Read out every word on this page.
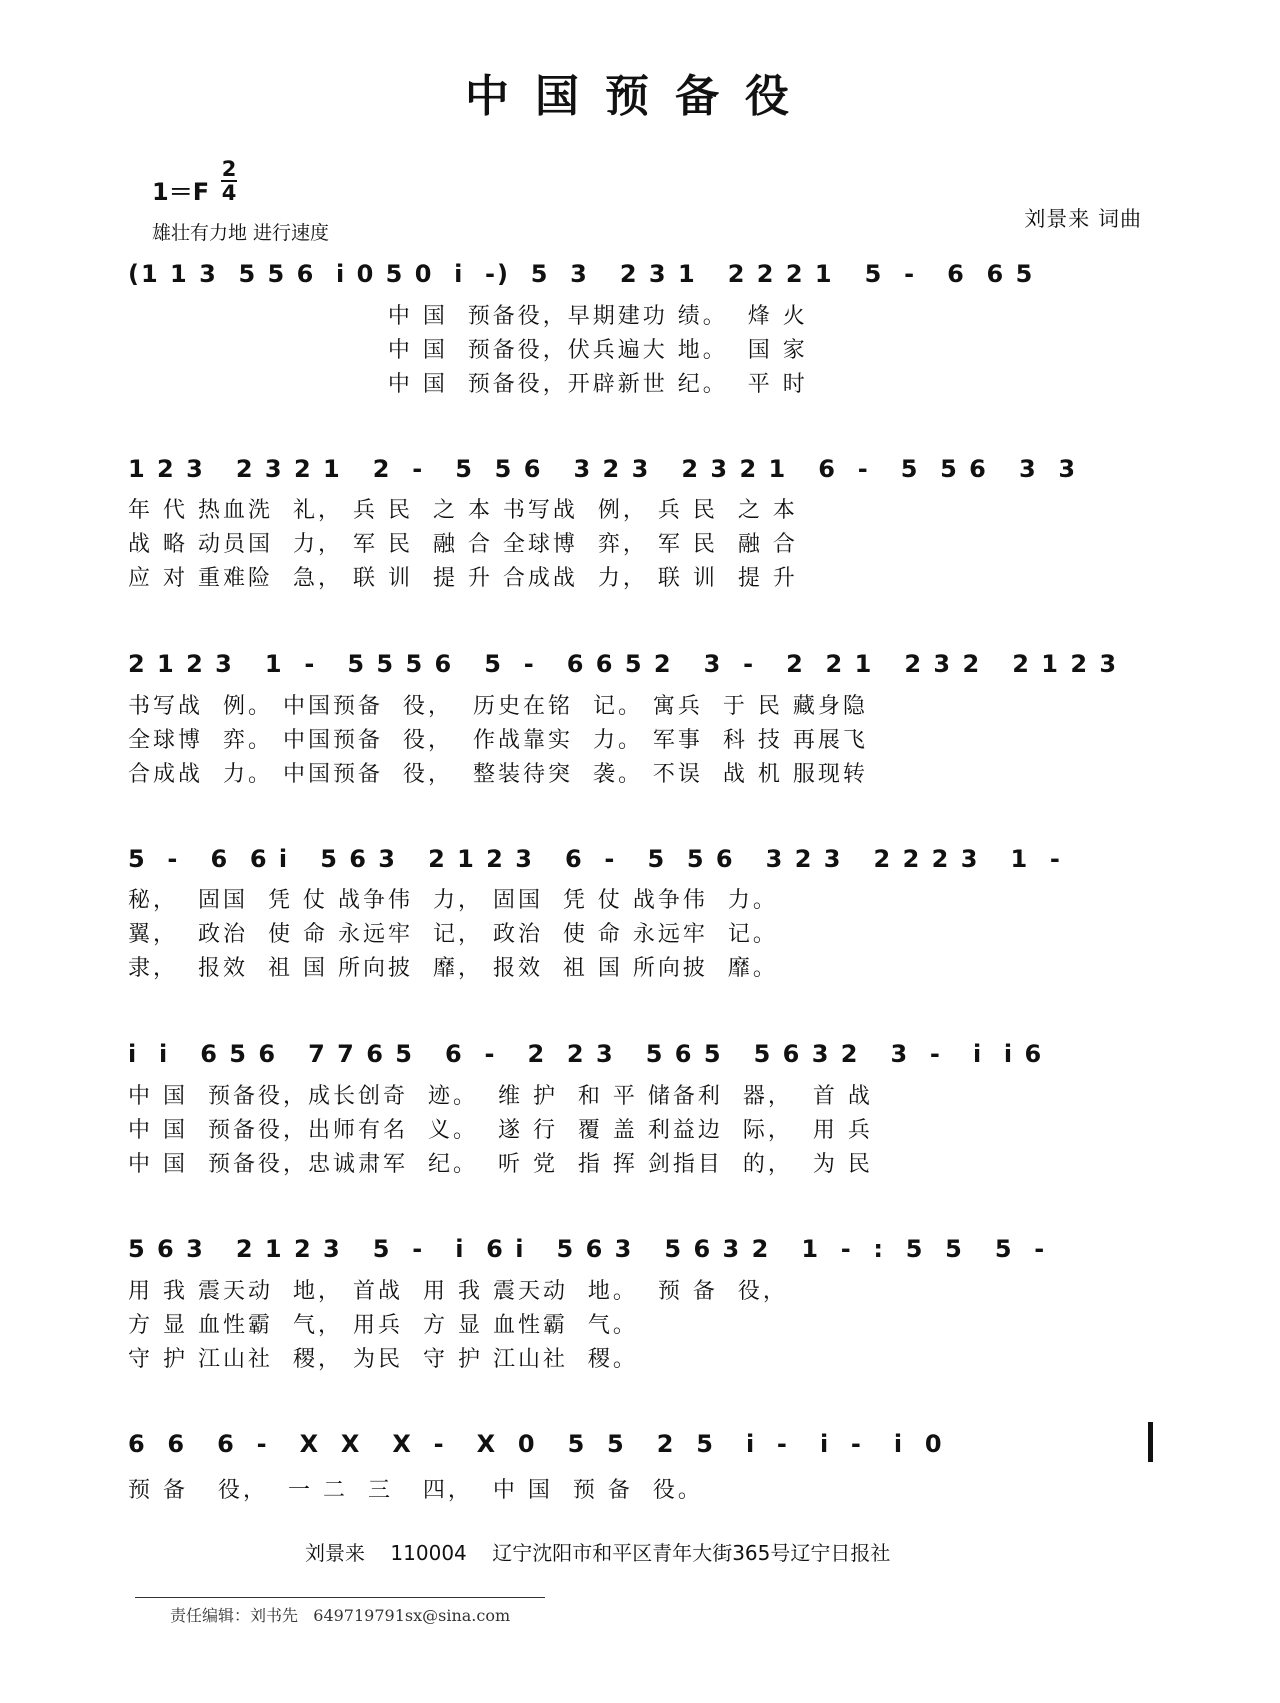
中国预备役
1＝F
2
4
雄壮有力地 进行速度
刘景来 词曲
(1 1 3  5 5 6  i 0 5 0  i  -)  5  3   2 3 1   2 2 2 1   5  -   6  6 5
中 国  预备役，早期建功 绩。  烽 火
中 国  预备役，伏兵遍大 地。  国 家
中 国  预备役，开辟新世 纪。  平 时
1 2 3   2 3 2 1   2  -   5  5 6   3 2 3   2 3 2 1   6  -   5  5 6   3  3
年 代 热血洗  礼， 兵 民  之 本 书写战  例， 兵 民  之 本
战 略 动员国  力， 军 民  融 合 全球博  弈， 军 民  融 合
应 对 重难险  急， 联 训  提 升 合成战  力， 联 训  提 升
2 1 2 3   1  -   5 5 5 6   5  -   6 6 5 2   3  -   2  2 1   2 3 2   2 1 2 3
书写战  例。 中国预备  役，  历史在铭  记。 寓兵  于 民 藏身隐
全球博  弈。 中国预备  役，  作战靠实  力。 军事  科 技 再展飞
合成战  力。 中国预备  役，  整装待突  袭。 不误  战 机 服现转
5  -   6  6 i   5 6 3   2 1 2 3   6  -   5  5 6   3 2 3   2 2 2 3   1  -
秘，  固国  凭 仗 战争伟  力， 固国  凭 仗 战争伟  力。
翼，  政治  使 命 永远牢  记， 政治  使 命 永远牢  记。
隶，  报效  祖 国 所向披  靡， 报效  祖 国 所向披  靡。
i  i   6 5 6   7 7 6 5   6  -   2  2 3   5 6 5   5 6 3 2   3  -   i  i 6
中 国  预备役，成长创奇  迹。  维 护  和 平 储备利  器，  首 战
中 国  预备役，出师有名  义。  遂 行  覆 盖 利益边  际，  用 兵
中 国  预备役，忠诚肃军  纪。  听 党  指 挥 剑指目  的，  为 民
5 6 3   2 1 2 3   5  -   i  6 i   5 6 3   5 6 3 2   1  -  :  5  5   5  -
用 我 震天动  地， 首战  用 我 震天动  地。  预 备  役，
方 显 血性霸  气， 用兵  方 显 血性霸  气。
守 护 江山社  稷， 为民  守 护 江山社  稷。
6  6   6  -   X  X   X  -   X  0   5  5   2  5   i  -   i  -   i  0
预 备   役，  一 二  三   四，  中 国  预 备  役。
刘景来    110004    辽宁沈阳市和平区青年大街365号辽宁日报社
责任编辑：刘书先   649719791sx@sina.com
